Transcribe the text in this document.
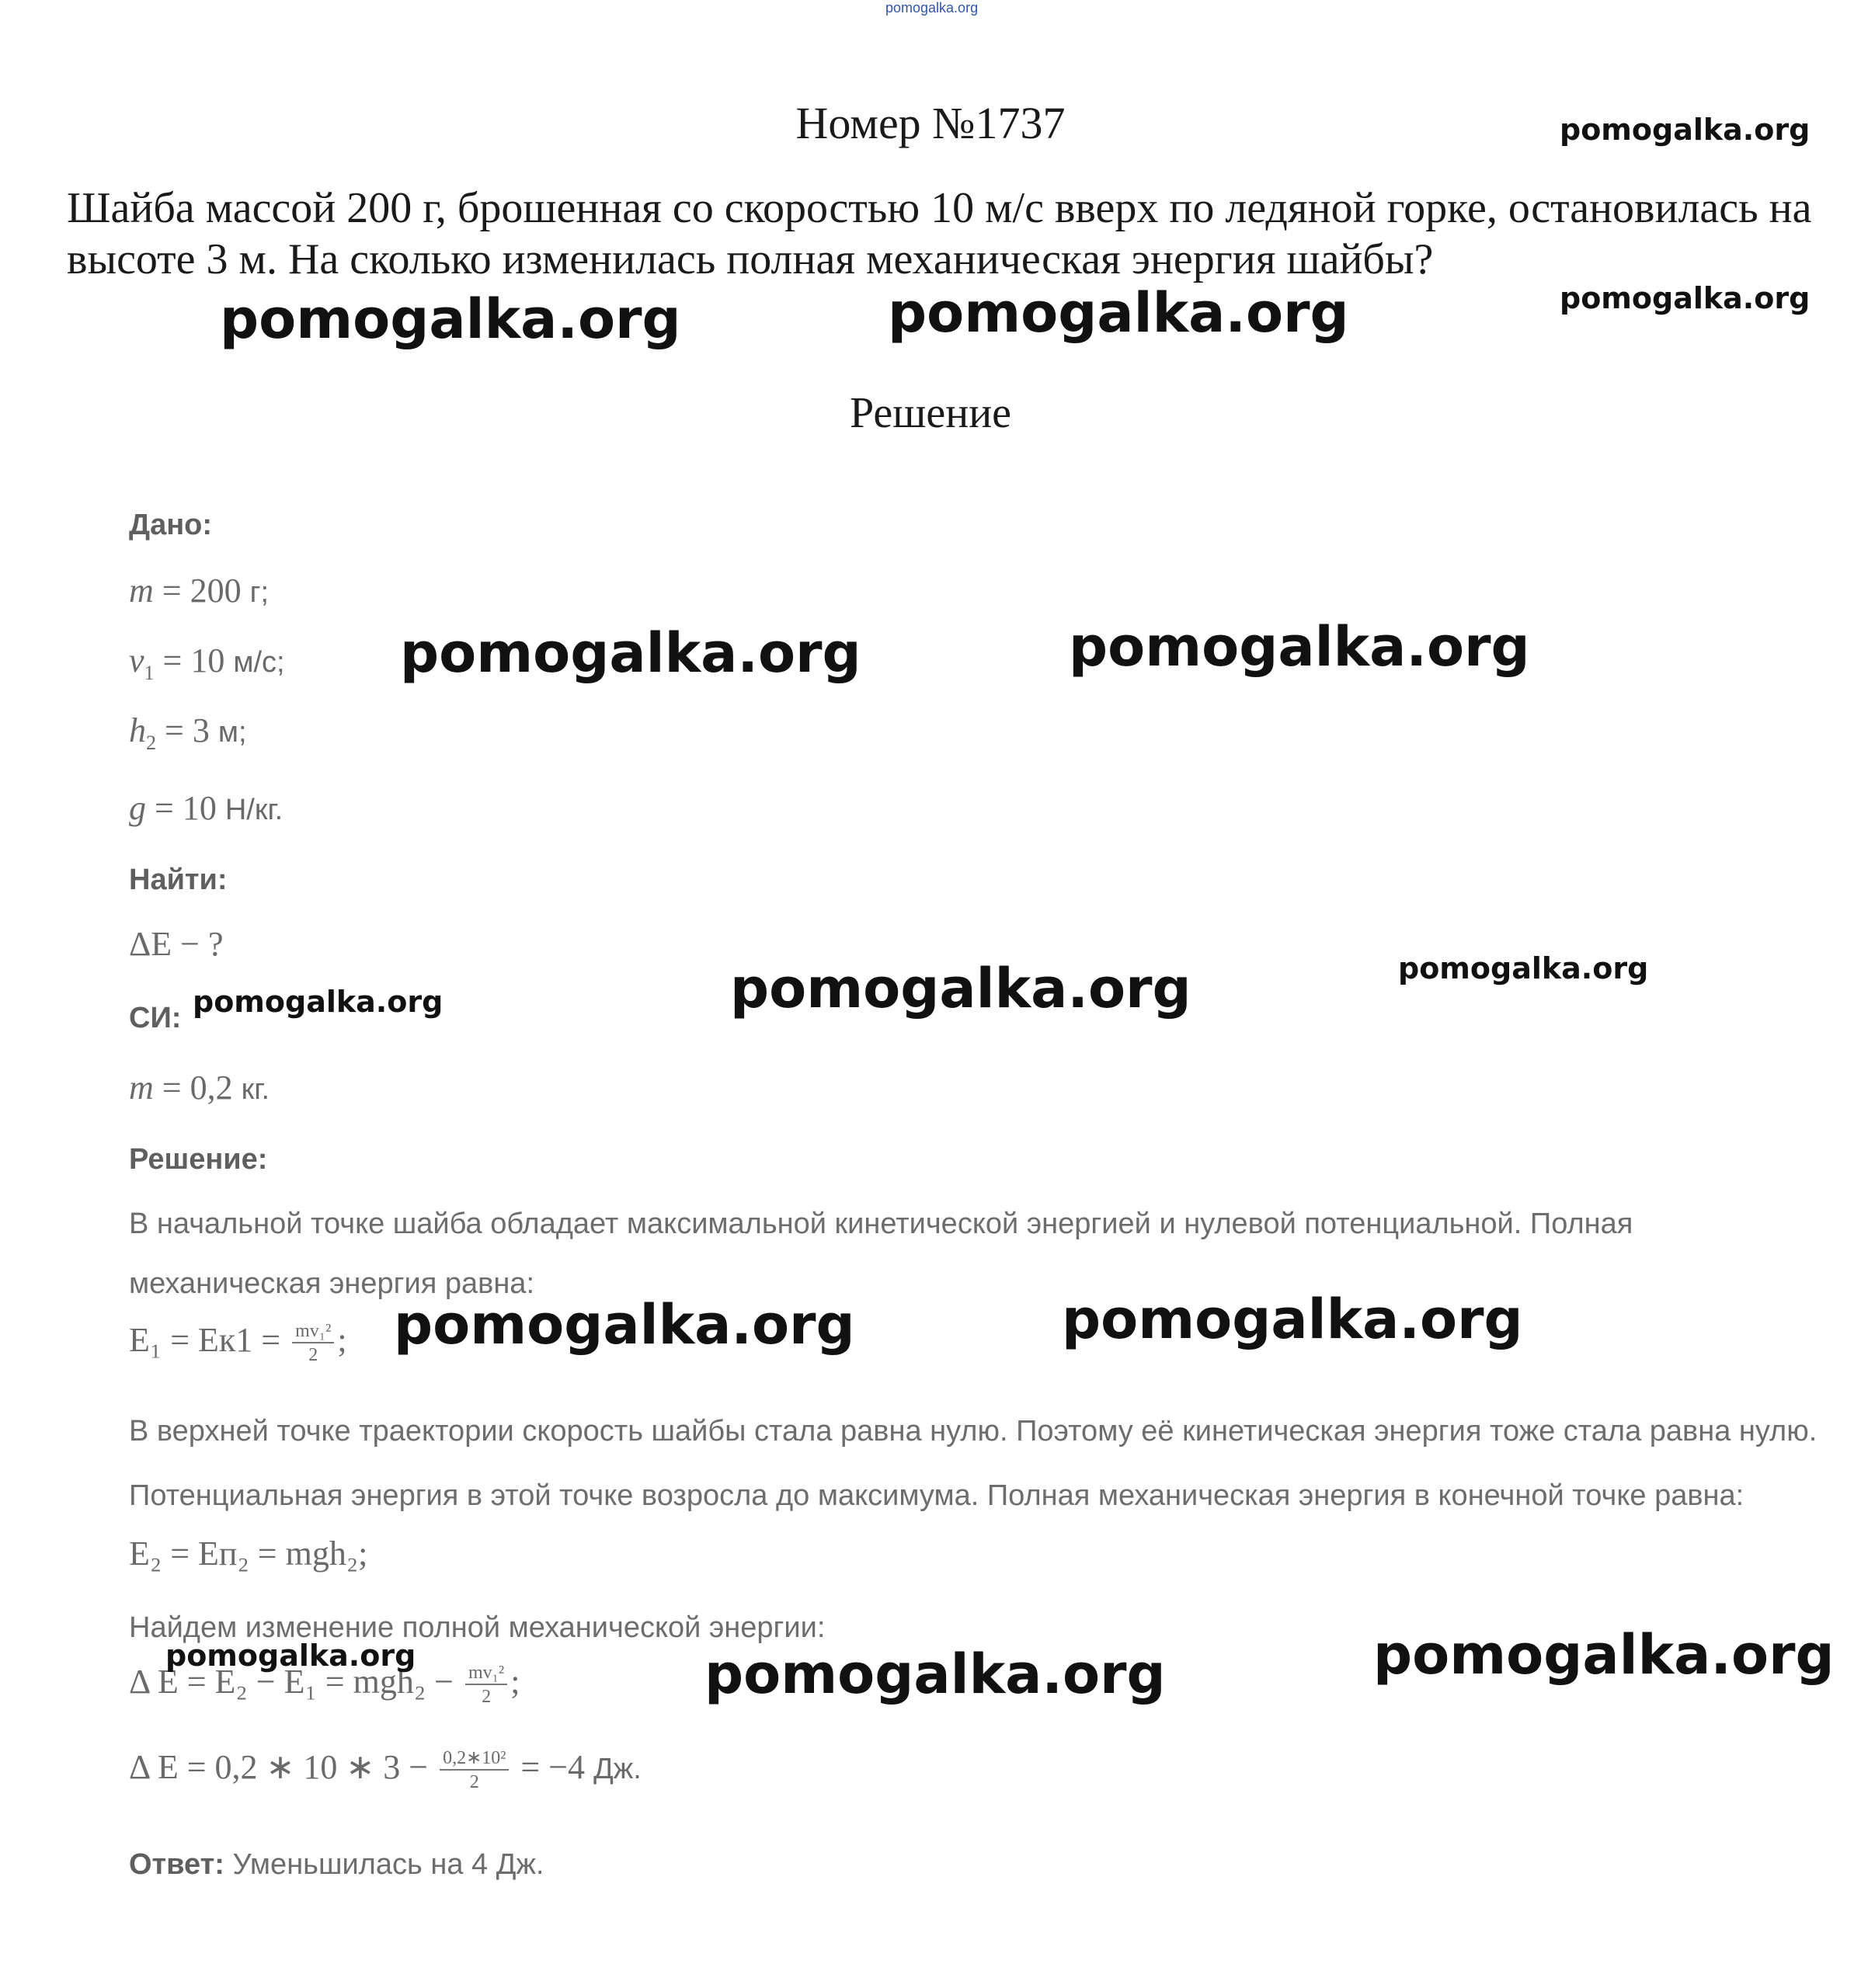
pomogalka.org
Номер №1737
Шайба массой 200 г, брошенная со скоростью 10 м/с вверх по ледяной горке, остановилась на высоте 3 м. На сколько изменилась полная механическая энергия шайбы?
Решение
Дано:
m = 200 г;
$v_1 = 10$ м/с;
$h_2 = 3$ м;
g = 10 Н/кг.
Найти:
ΔE − ?
СИ:
m = 0,2 кг.
Решение:
В начальной точке шайба обладает максимальной кинетической энергией и нулевой потенциальной. Полная
механическая энергия равна:
$E_1 = Eк1 = \frac{\text{mv₁²}}{2}$ ;
В верхней точке траектории скорость шайбы стала равна нулю. Поэтому её кинетическая энергия тоже стала равна нулю.
Потенциальная энергия в этой точке возросла до максимума. Полная механическая энергия в конечной точке равна:
E₂ = Eп₂ = mgh₂;
Найдем изменение полной механической энергии:
Δ $E = E_2 - E_1 = mgh_2 - \frac{\text{mv₁²}}{2}$ ;
Δ E = 0,2 ∗ 10 ∗ $3 - \frac{\text{0,2∗10²}}{2} = -4$ Дж.
Ответ: Уменьшилась на 4 Дж.
pomogalka.org
pomogalka.org
pomogalka.org	pomogalka.org
pomogalka.org	pomogalka.org
pomogalka.org	pomogalka.org
pomogalka.org
pomogalka.org	pomogalka.org
pomogalka.org	pomogalka.org	pomogalka.org
